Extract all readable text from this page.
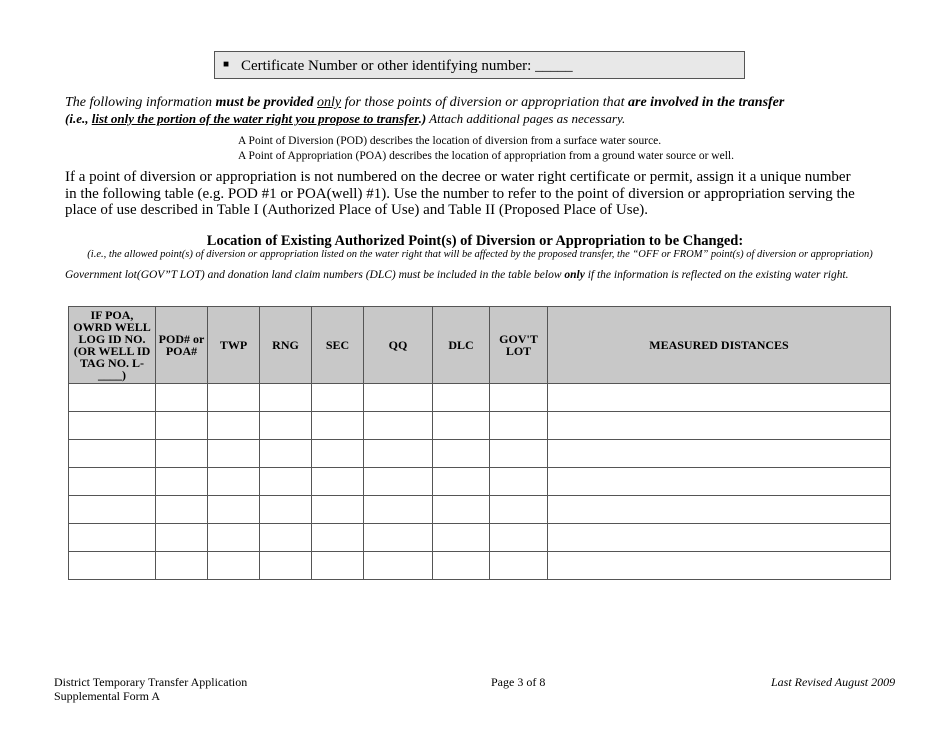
■ Certificate Number or other identifying number: _____
The following information must be provided only for those points of diversion or appropriation that are involved in the transfer
(i.e., list only the portion of the water right you propose to transfer.) Attach additional pages as necessary.
A Point of Diversion (POD) describes the location of diversion from a surface water source.
A Point of Appropriation (POA) describes the location of appropriation from a ground water source or well.
If a point of diversion or appropriation is not numbered on the decree or water right certificate or permit, assign it a unique number in the following table (e.g. POD #1 or POA(well) #1). Use the number to refer to the point of diversion or appropriation serving the place of use described in Table I (Authorized Place of Use) and Table II (Proposed Place of Use).
Location of Existing Authorized Point(s) of Diversion or Appropriation to be Changed:
(i.e., the allowed point(s) of diversion or appropriation listed on the water right that will be affected by the proposed transfer, the “OFF or FROM” point(s) of diversion or appropriation)
Government lot(GOV”T LOT) and donation land claim numbers (DLC) must be included in the table below only if the information is reflected on the existing water right.
IF POA, OWRD WELL LOG ID NO. (OR WELL ID TAG NO. L-____)	POD# or POA#	TWP	RNG	SEC	QQ	DLC	GOV'T LOT	MEASURED DISTANCES

District Temporary Transfer Application
Supplemental Form A
Page 3 of 8	Last Revised August 2009
